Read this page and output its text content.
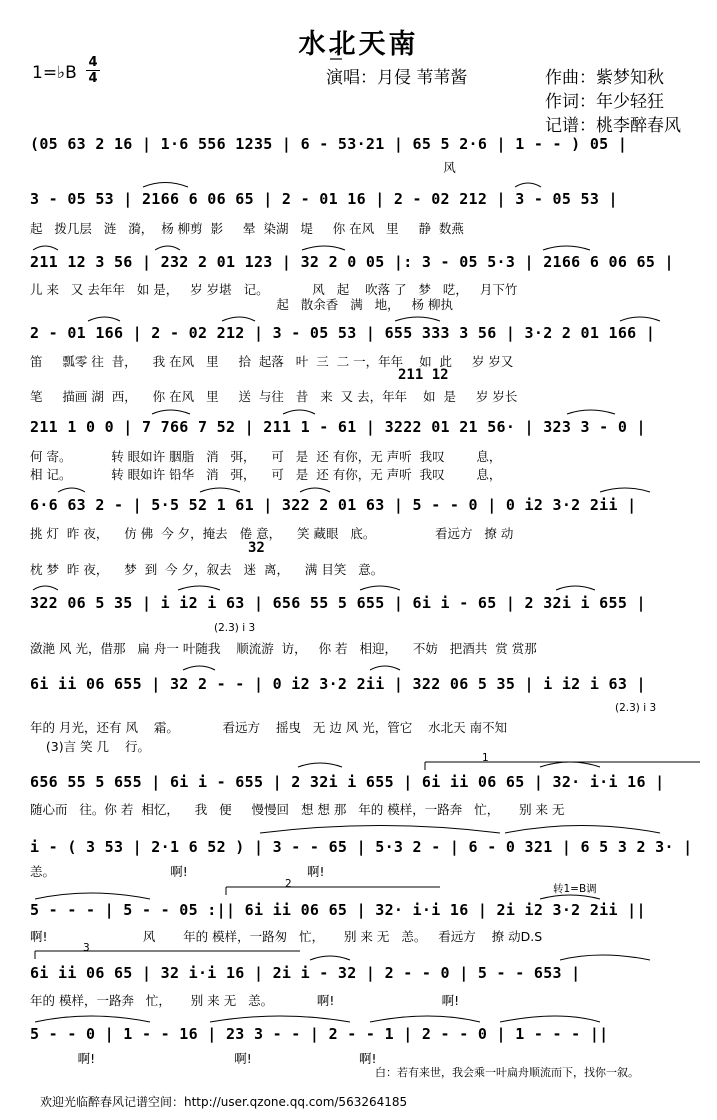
水北天南
1=♭B
4
4	演唱：月侵 苇苇酱	作曲：紫梦知秋
作词：年少轻狂
记谱：桃李醉春风
(05 63 2 16 | 1·6 556 1235 | 6 - 53·21 | 65 5 2·6 | 1 - - ) 05 |
风
3 - 05 53 | 2166 6 06 65 | 2 - 01 16 | 2 - 02 212 | 3 - 05 53 |
起   拨几层   涟   漪，  杨 柳剪  影     晕  染湖   堤     你 在风   里     静  数燕
211 12 3 56 | 232 2 01 123 | 32 2 0 05 |: 3 - 05 5·3 | 2166 6 06 65 |
儿 来   又 去年年   如 是，   岁 岁堪   记。           风   起    吹落 了   梦   呓，   月下竹
起   散余香   满   地，   杨 柳执
2 - 01 166 | 2 - 02 212 | 3 - 05 53 | 655 333 3 56 | 3·2 2 01 166 |
笛     瓢零 往  昔，    我 在风   里     拾  起落   叶  三  二 一，年年    如  此     岁 岁又
211 12
笔     描画 湖  西，    你 在风   里     送  与往   昔   来  又 去，年年    如  是     岁 岁长
211 1 0 0 | 7 766 7 52 | 211 1 - 61 | 3222 01 21 56· | 323 3 - 0 |
何 寄。          转 眼如许 胭脂   消   弭，    可   是  还 有你，无 声听  我叹        息，
相 记。          转 眼如许 铅华   消   弭，    可   是  还 有你，无 声听  我叹        息，
6·6 63 2 - | 5·5 52 1 61 | 322 2 01 63 | 5 - - 0 | 0 i2 3·2 2ii |
挑 灯  昨 夜，    仿 佛  今 夕，掩去   倦 意，    笑 藏眼   底。               看远方   撩 动
32
枕 梦  昨 夜，    梦  到  今 夕，叙去   迷  离，    满 目笑   意。
322 06 5 35 | i i2 i 63 | 656 55 5 655 | 6i i - 65 | 2 32i i 655 |
(2.3) i 3
潋滟 风 光，借那   扁 舟一 叶随我    顺流游  访，   你 若   相迎，    不妨   把酒共  赏 赏那
6i ii 06 655 | 32 2 - - | 0 i2 3·2 2ii | 322 06 5 35 | i i2 i 63 |
(2.3) i 3
年的 月光，还有 风    霜。           看远方    摇曳   无 边 风 光，管它    水北天 南不知
(3)言 笑 几    行。
1
656 55 5 655 | 6i i - 655 | 2 32i i 655 | 6i ii 06 65 | 32· i·i 16 |
随心而   往。你 若  相忆，    我   便     慢慢回   想 想 那   年的 模样，一路奔   忙，     别 来 无
i - ( 3 53 | 2·1 6 52 ) | 3 - - 65 | 5·3 2 - | 6 - 0 321 | 6 5 3 2 3· |
恙。                             啊!                              啊!
2	转1=B调
5 - - - | 5 - - 05 :|| 6i ii 06 65 | 32· i·i 16 | 2i i2 3·2 2ii ||
啊!                        风       年的 模样，一路匆   忙，     别 来 无   恙。   看远方    撩 动D.S
3
6i ii 06 65 | 32 i·i 16 | 2i i - 32 | 2 - - 0 | 5 - - 653 |
年的 模样，一路奔   忙，     别 来 无   恙。           啊!                           啊!
5 - - 0 | 1 - - 16 | 23 3 - - | 2 - - 1 | 2 - - 0 | 1 - - - ||
啊!                                   啊!                           啊!
白：若有来世，我会乘一叶扁舟顺流而下，找你一叙。
欢迎光临醉春风记谱空间：http://user.qzone.qq.com/563264185
